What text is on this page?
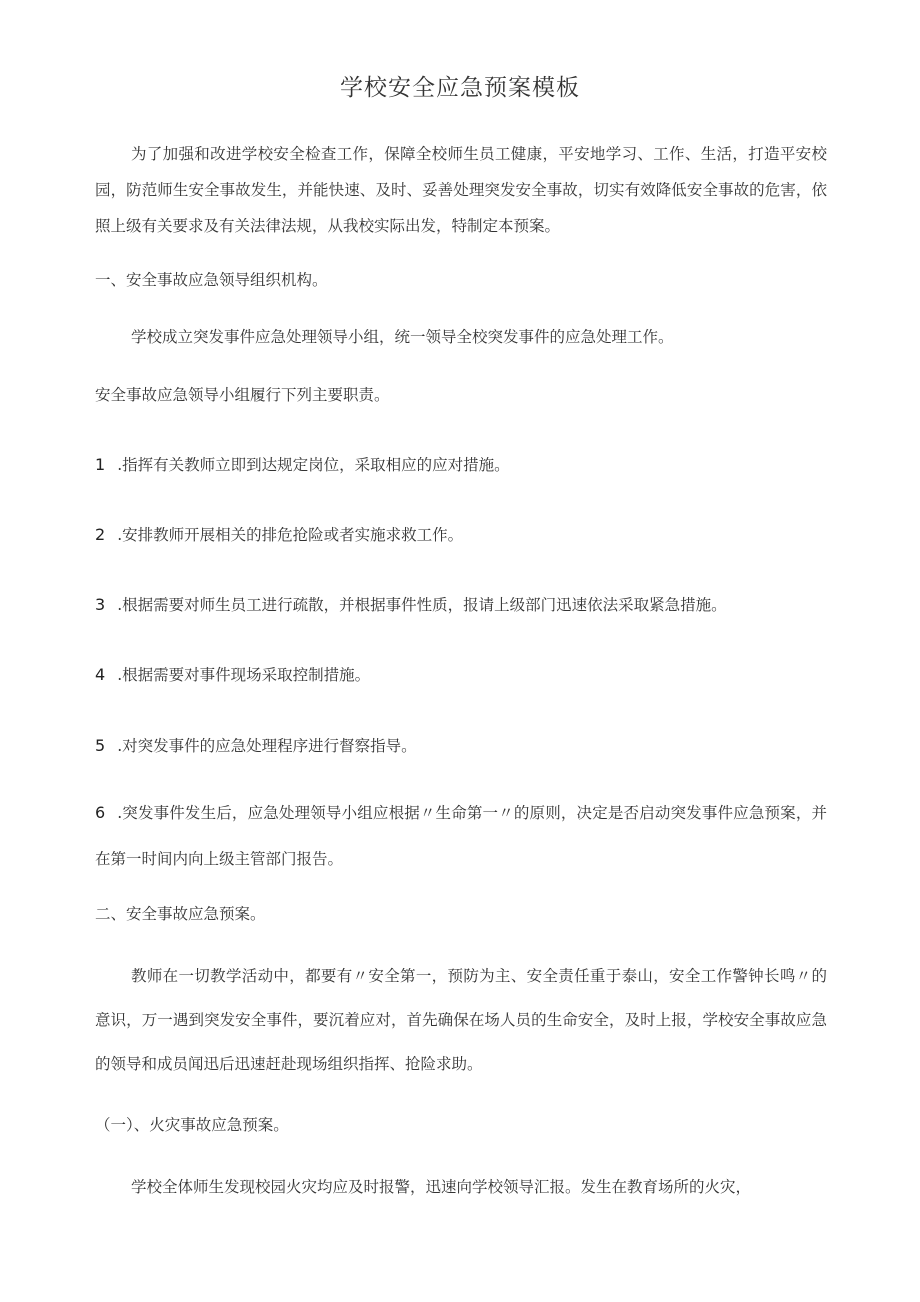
学校安全应急预案模板
为了加强和改进学校安全检查工作，保障全校师生员工健康，平安地学习、工作、生活，打造平安校园，防范师生安全事故发生，并能快速、及时、妥善处理突发安全事故，切实有效降低安全事故的危害，依照上级有关要求及有关法律法规，从我校实际出发，特制定本预案。
一、安全事故应急领导组织机构。
学校成立突发事件应急处理领导小组，统一领导全校突发事件的应急处理工作。
安全事故应急领导小组履行下列主要职责。
1 .指挥有关教师立即到达规定岗位，采取相应的应对措施。
2 .安排教师开展相关的排危抢险或者实施求救工作。
3 .根据需要对师生员工进行疏散，并根据事件性质，报请上级部门迅速依法采取紧急措施。
4 .根据需要对事件现场采取控制措施。
5 .对突发事件的应急处理程序进行督察指导。
6 .突发事件发生后，应急处理领导小组应根据〃生命第一〃的原则，决定是否启动突发事件应急预案，并在第一时间内向上级主管部门报告。
二、安全事故应急预案。
教师在一切教学活动中，都要有〃安全第一，预防为主、安全责任重于泰山，安全工作警钟长鸣〃的意识，万一遇到突发安全事件，要沉着应对，首先确保在场人员的生命安全，及时上报，学校安全事故应急的领导和成员闻迅后迅速赶赴现场组织指挥、抢险求助。
（一）、火灾事故应急预案。
学校全体师生发现校园火灾均应及时报警，迅速向学校领导汇报。发生在教育场所的火灾，
